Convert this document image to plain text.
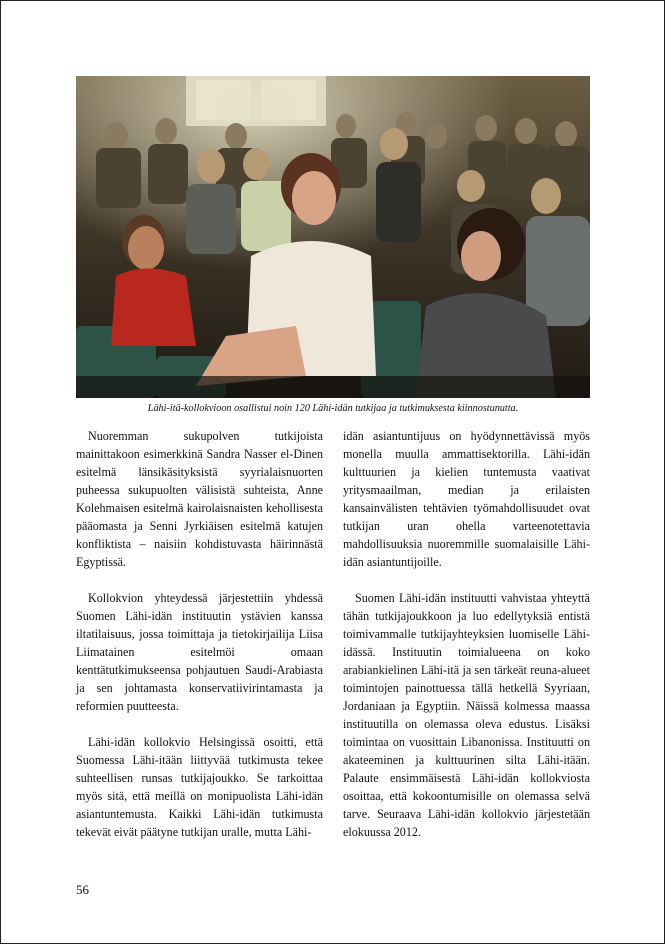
Lähi-itä-kollokvioon osallistui noin 120 Lähi-idän tutkijaa ja tutkimuksesta kiinnostunutta.

Nuoremman sukupolven tutkijoista mainittakoon esimerkkinä Sandra Nasser el-Dinen esitelmä länsikäsityksistä syyrialaisnuorten puheessa sukupuolten välisistä suhteista, Anne Kolehmaisen esitelmä kairolaisnaisten kehollisesta pääomasta ja Senni Jyrkiäisen esitelmä katujen konfliktista – naisiin kohdistuvasta häirinnästä Egyptissä.

Kollokvion yhteydessä järjestettiin yhdessä Suomen Lähi-idän instituutin ystävien kanssa iltatilaisuus, jossa toimittaja ja tietokirjailija Liisa Liimatainen esitelmöi omaan kenttätutkimukseensa pohjautuen Saudi-Arabiasta ja sen johtamasta konservatiivirintamasta ja reformien puutteesta.

Lähi-idän kollokvio Helsingissä osoitti, että Suomessa Lähi-itään liittyvää tutkimusta tekee suhteellisen runsas tutkijajoukko. Se tarkoittaa myös sitä, että meillä on monipuolista Lähi-idän asiantuntemusta. Kaikki Lähi-idän tutkimusta tekevät eivät päätyne tutkijan uralle, mutta Lähi-

idän asiantuntijuus on hyödynnettävissä myös monella muulla ammattisektorilla. Lähi-idän kulttuurien ja kielien tuntemusta vaativat yritysmaailman, median ja erilaisten kansainvälisten tehtävien työmahdollisuudet ovat tutkijan uran ohella varteenotettavia mahdollisuuksia nuoremmille suomalaisille Lähi-idän asiantuntijoille.

Suomen Lähi-idän instituutti vahvistaa yhteyttä tähän tutkijajoukkoon ja luo edellytyksiä entistä toimivammalle tutkijayhteyksien luomiselle Lähi-idässä. Instituutin toimialueena on koko arabiankielinen Lähi-itä ja sen tärkeät reuna-alueet toimintojen painottuessa tällä hetkellä Syyriaan, Jordaniaan ja Egyptiin. Näissä kolmessa maassa instituutilla on olemassa oleva edustus. Lisäksi toimintaa on vuosittain Libanonissa. Instituutti on akateeminen ja kulttuurinen silta Lähi-itään. Palaute ensimmäisestä Lähi-idän kollokviosta osoittaa, että kokoontumisille on olemassa selvä tarve. Seuraava Lähi-idän kollokvio järjestetään elokuussa 2012.

56
